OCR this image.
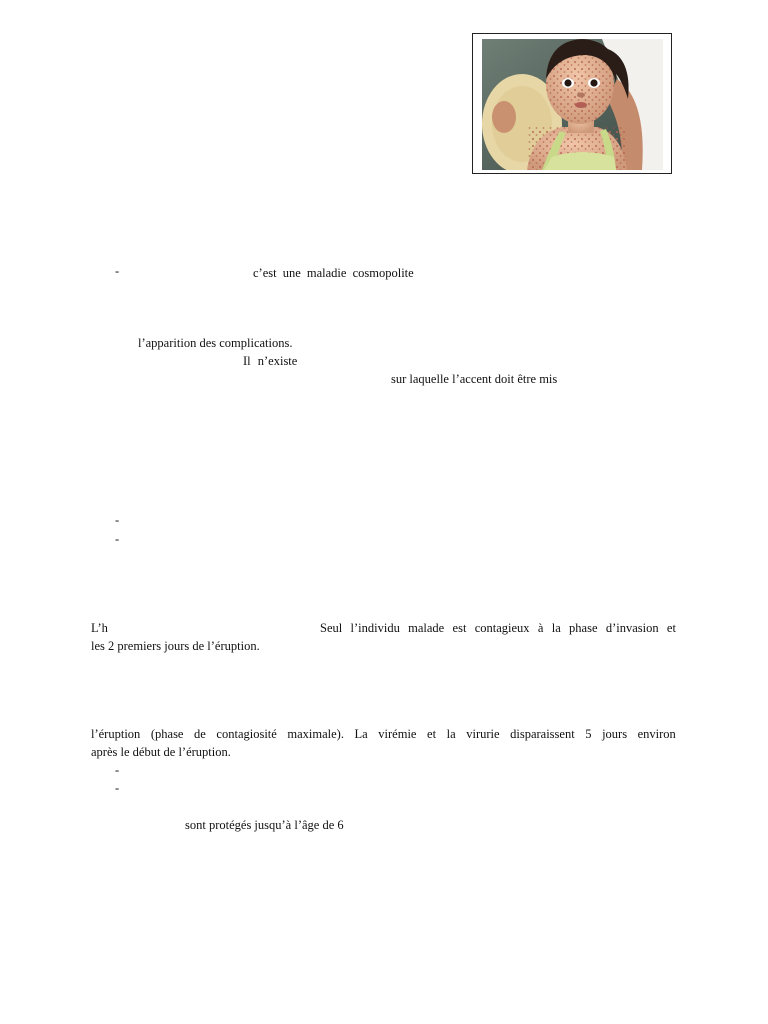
-	c’est une maladie cosmopolite
l’apparition des complications.
Il n’existe
sur laquelle l’accent doit être mis
-
-
L’h	Seul l’individu malade est contagieux à la phase d’invasion et
les 2 premiers jours de l’éruption.
l’éruption (phase de contagiosité maximale). La virémie et la virurie disparaissent 5 jours environ
après le début de l’éruption.
-
-
sont protégés jusqu’à l’âge de 6
